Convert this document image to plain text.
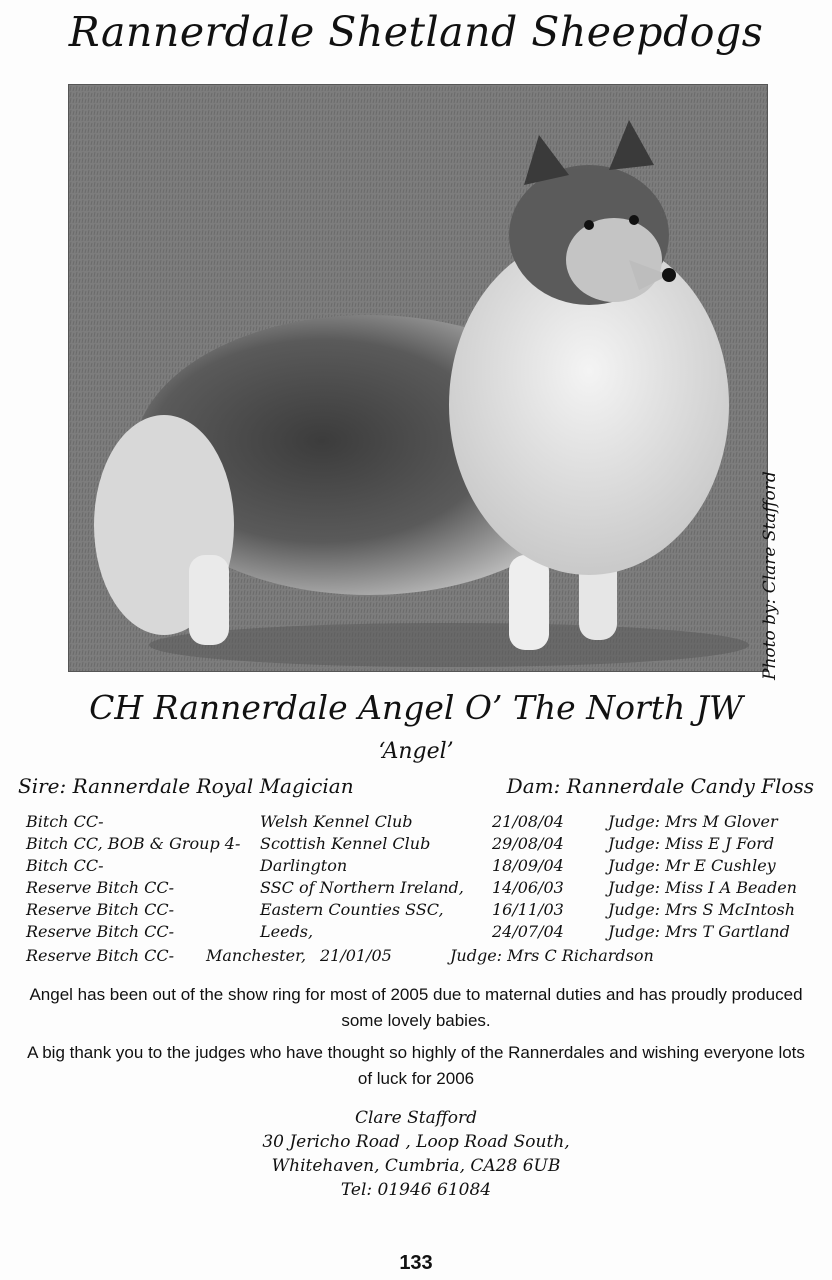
Rannerdale Shetland Sheepdogs
Photo by: Clare Stafford
CH Rannerdale Angel O’ The North JW
‘Angel’
Sire: Rannerdale Royal Magician	Dam: Rannerdale Candy Floss
Bitch CC-	Welsh Kennel Club	21/08/04	Judge: Mrs M Glover
Bitch CC, BOB & Group 4- Scottish Kennel Club	29/08/04	Judge: Miss E J Ford
Bitch CC-	Darlington	18/09/04	Judge: Mr E Cushley
Reserve Bitch CC-	SSC of Northern Ireland, 14/06/03	Judge: Miss I A Beaden
Reserve Bitch CC-	Eastern Counties SSC,	16/11/03	Judge: Mrs S McIntosh
Reserve Bitch CC-	Leeds,	24/07/04	Judge: Mrs T Gartland
Reserve Bitch CC- Manchester, 21/01/05	Judge: Mrs C Richardson
Angel has been out of the show ring for most of 2005 due to maternal duties and has proudly produced some lovely babies.
A big thank you to the judges who have thought so highly of the Rannerdales and wishing everyone lots of luck for 2006
Clare Stafford
30 Jericho Road , Loop Road South,
Whitehaven, Cumbria, CA28 6UB
Tel: 01946 61084
133
